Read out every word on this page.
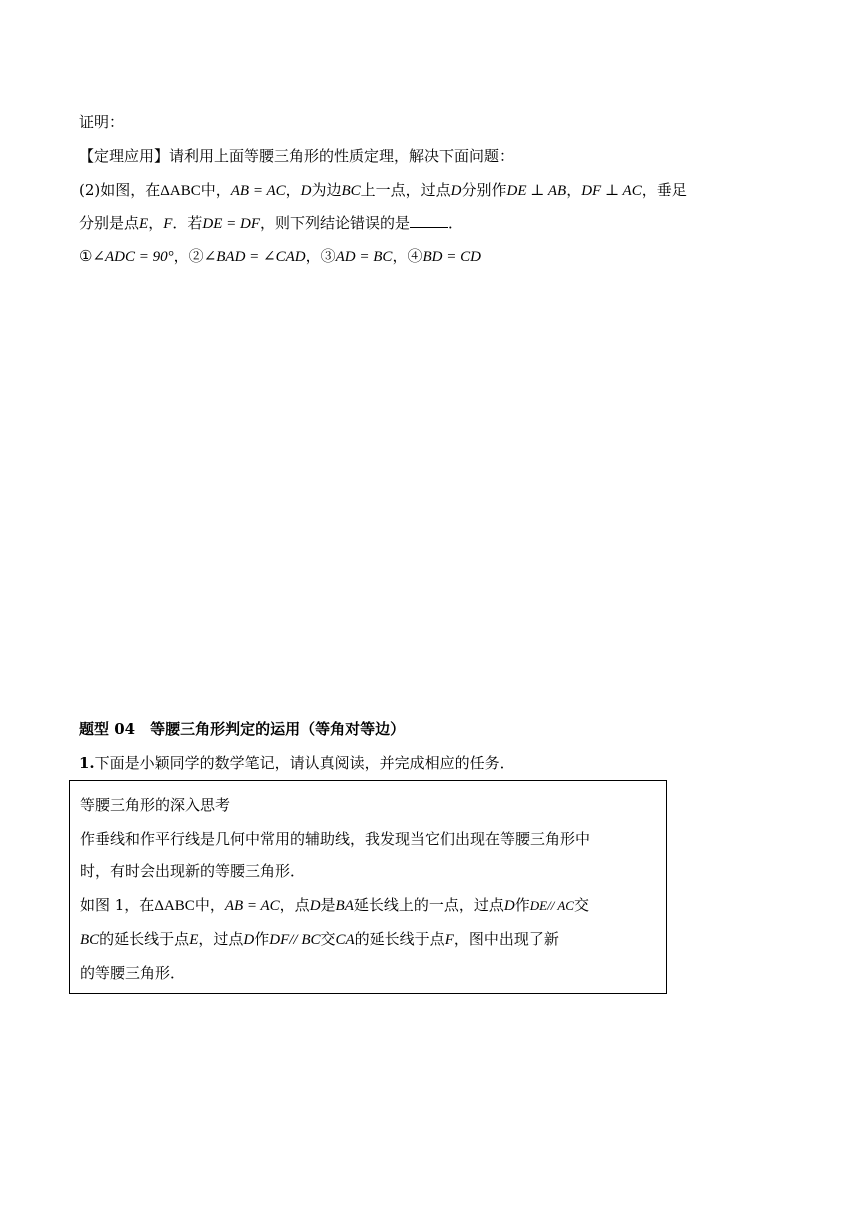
证明：
【定理应用】请利用上面等腰三角形的性质定理，解决下面问题：
(2)如图，在ΔABC中，AB = AC，D为边BC上一点，过点D分别作DE ⊥ AB，DF ⊥ AC，垂足
分别是点E，F．若DE = DF，则下列结论错误的是	．
①∠ADC = 90°，②∠BAD = ∠CAD，③AD = BC，④BD = CD
题型 04　等腰三角形判定的运用（等角对等边）
1.下面是小颖同学的数学笔记，请认真阅读，并完成相应的任务．
等腰三角形的深入思考
作垂线和作平行线是几何中常用的辅助线，我发现当它们出现在等腰三角形中
时，有时会出现新的等腰三角形．
如图 1，在ΔABC中，AB = AC，点D是BA延长线上的一点，过点D作DE// AC交
BC的延长线于点E，过点D作DF// BC交CA的延长线于点F，图中出现了新
的等腰三角形．
